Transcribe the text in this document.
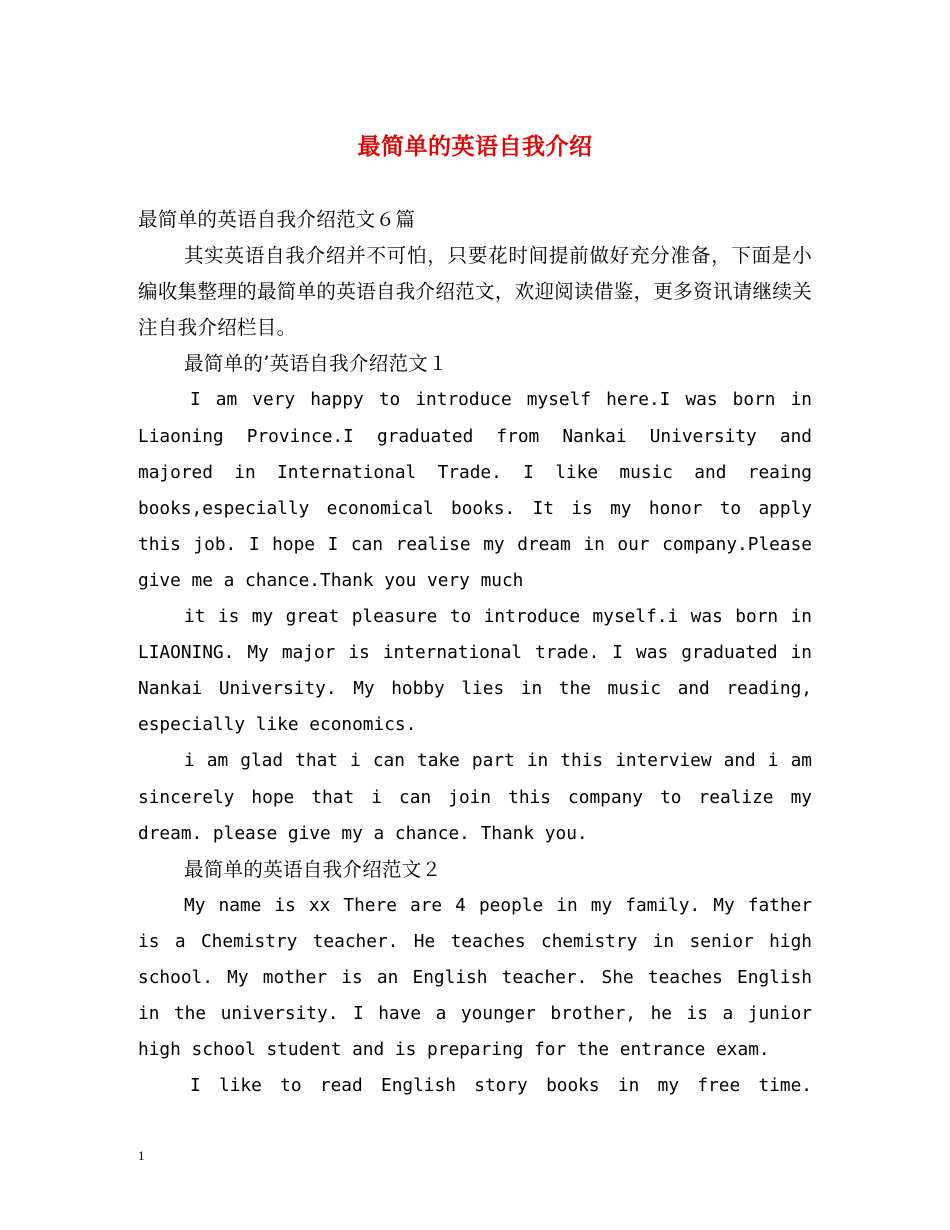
最简单的英语自我介绍

最简单的英语自我介绍范文６篇

其实英语自我介绍并不可怕，只要花时间提前做好充分准备，下面是小编收集整理的最简单的英语自我介绍范文，欢迎阅读借鉴，更多资讯请继续关注自我介绍栏目。

最简单的’英语自我介绍范文１

I am very happy to introduce myself here.I was born in Liaoning Province.I graduated from Nankai University and majored in International Trade. I like music and reaing books,especially economical books. It is my honor to apply this job. I hope I can realise my dream in our company.Please give me a chance.Thank you very much

it is my great pleasure to introduce myself.i was born in LIAONING. My major is international trade. I was graduated in Nankai University. My hobby lies in the music and reading, especially like economics.

i am glad that i can take part in this interview and i am sincerely hope that i can join this company to realize my dream. please give my a chance. Thank you.

最简单的英语自我介绍范文２

My name is xx There are 4 people in my family. My father is a Chemistry teacher. He teaches chemistry in senior high school. My mother is an English teacher. She teaches English in the university. I have a younger brother, he is a junior high school student and is preparing for the entrance exam.

I like to read English story books in my free time.

1
